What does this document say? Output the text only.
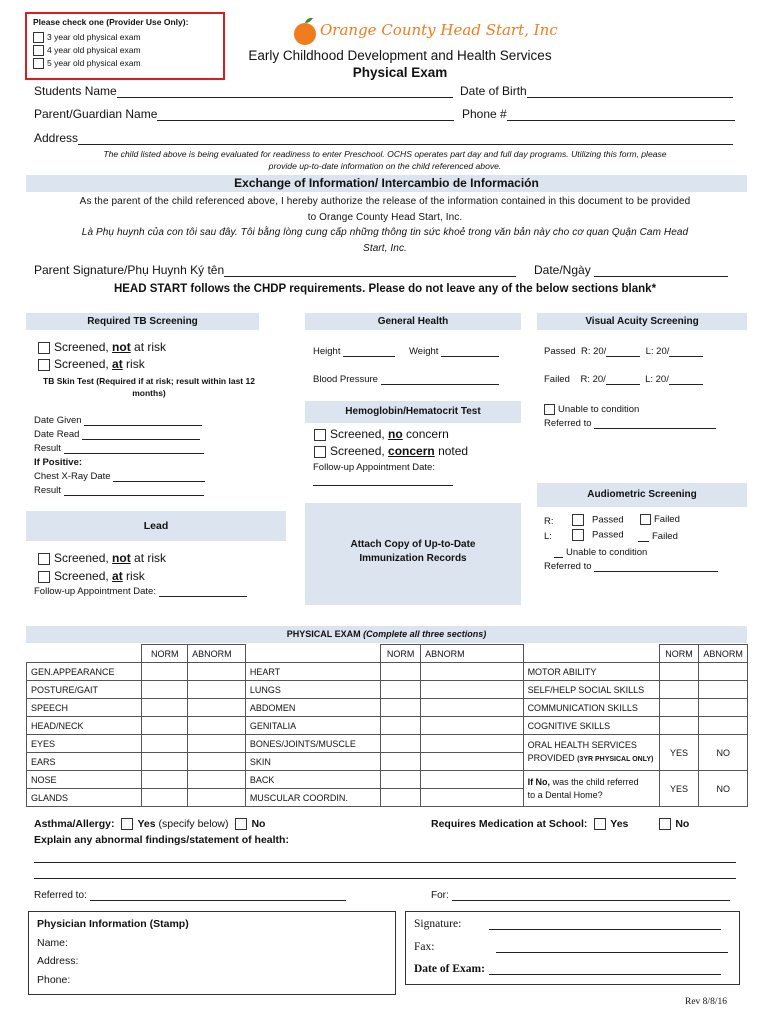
Please check one (Provider Use Only):
3 year old physical exam
4 year old physical exam
5 year old physical exam
Orange County Head Start, Inc
Early Childhood Development and Health Services
Physical Exam
Students Name	Date of Birth
Parent/Guardian Name	Phone #
Address
The child listed above is being evaluated for readiness to enter Preschool. OCHS operates part day and full day programs. Utilizing this form, please
provide up-to-date information on the child referenced above.
Exchange of Information/ Intercambio de Información
As the parent of the child referenced above, I hereby authorize the release of the information contained in this document to be provided
to Orange County Head Start, Inc.
Là Phụ huynh của con tôi sau đây. Tôi bằng lòng cung cấp những thông tin sức khoẻ trong văn bản này cho cơ quan Quận Cam Head
Start, Inc.
Parent Signature/Phụ Huynh Ký tên	Date/Ngày
HEAD START follows the CHDP requirements. Please do not leave any of the below sections blank*
Required TB Screening
Screened, not at risk
Screened, at risk
TB Skin Test (Required if at risk; result within last 12
months)
Date Given
Date Read
Result
If Positive:
Chest X-Ray Date
Result
General Health
Height	Weight
Blood Pressure
Visual Acuity Screening
Passed R: 20/	L: 20/
Failed R: 20/	L: 20/
Unable to condition
Referred to
Hemoglobin/Hematocrit Test
Screened, no concern
Screened, concern noted
Follow-up Appointment Date:
Audiometric Screening
R:	Passed	Failed
L:	Passed	Failed
Unable to condition
Referred to
Lead
Screened, not at risk
Screened, at risk
Follow-up Appointment Date:
Attach Copy of Up-to-Date
Immunization Records
PHYSICAL EXAM (Complete all three sections)
	NORM	ABNORM		NORM	ABNORM		NORM	ABNORM
GEN.APPEARANCE			HEART			MOTOR ABILITY		
POSTURE/GAIT			LUNGS			SELF/HELP SOCIAL SKILLS		
SPEECH			ABDOMEN			COMMUNICATION SKILLS		
HEAD/NECK			GENITALIA			COGNITIVE SKILLS		
EYES			BONES/JOINTS/MUSCLE			ORAL HEALTH SERVICES
PROVIDED (3YR PHYSICAL ONLY)	YES	NO
EARS			SKIN					
NOSE			BACK			If No, was the child referred
to a Dental Home?	YES	NO
GLANDS			MUSCULAR COORDIN.					
Asthma/Allergy: Yes (specify below) No	Requires Medication at School: Yes	No
Explain any abnormal findings/statement of health:
Referred to:	For:
Physician Information (Stamp)
Name:
Address:
Phone:
Signature:
Fax:
Date of Exam:
Rev 8/8/16
